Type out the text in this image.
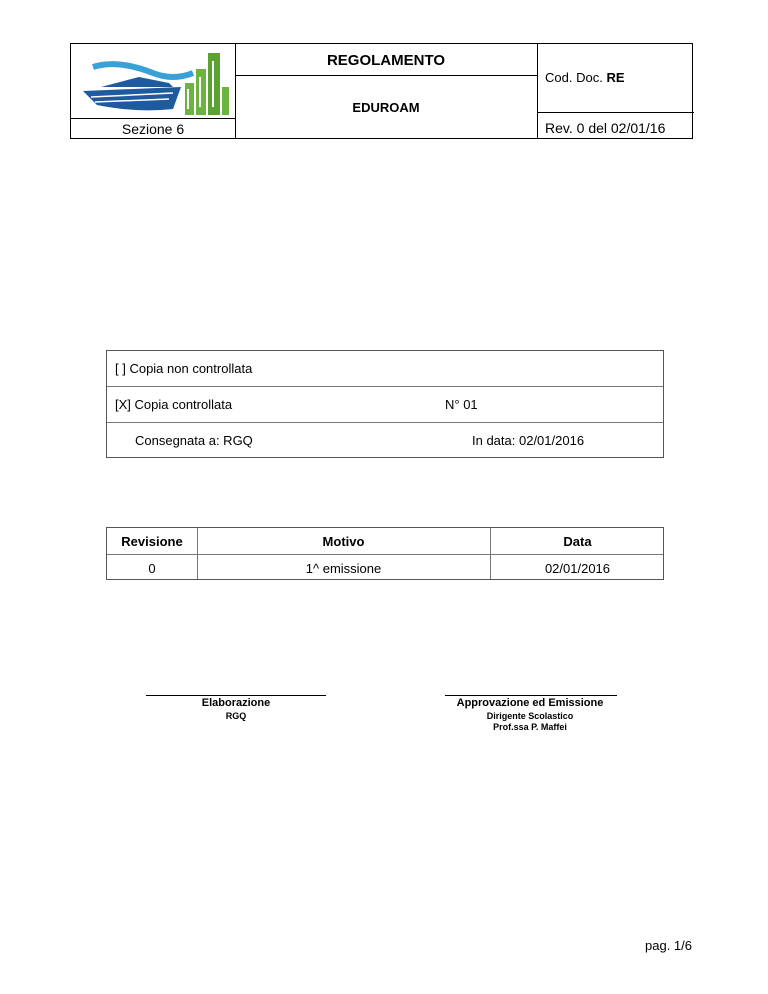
REGOLAMENTO
EDUROAM
Sezione 6
Cod. Doc. RE
Rev. 0 del 02/01/16
[ ] Copia non controllata
[X] Copia controllata	N° 01
Consegnata a: RGQ	In data: 02/01/2016
Revisione	Motivo	Data
0	1^ emissione	02/01/2016
Elaborazione
RGQ
Approvazione ed Emissione
Dirigente Scolastico
Prof.ssa P. Maffei
pag. 1/6
